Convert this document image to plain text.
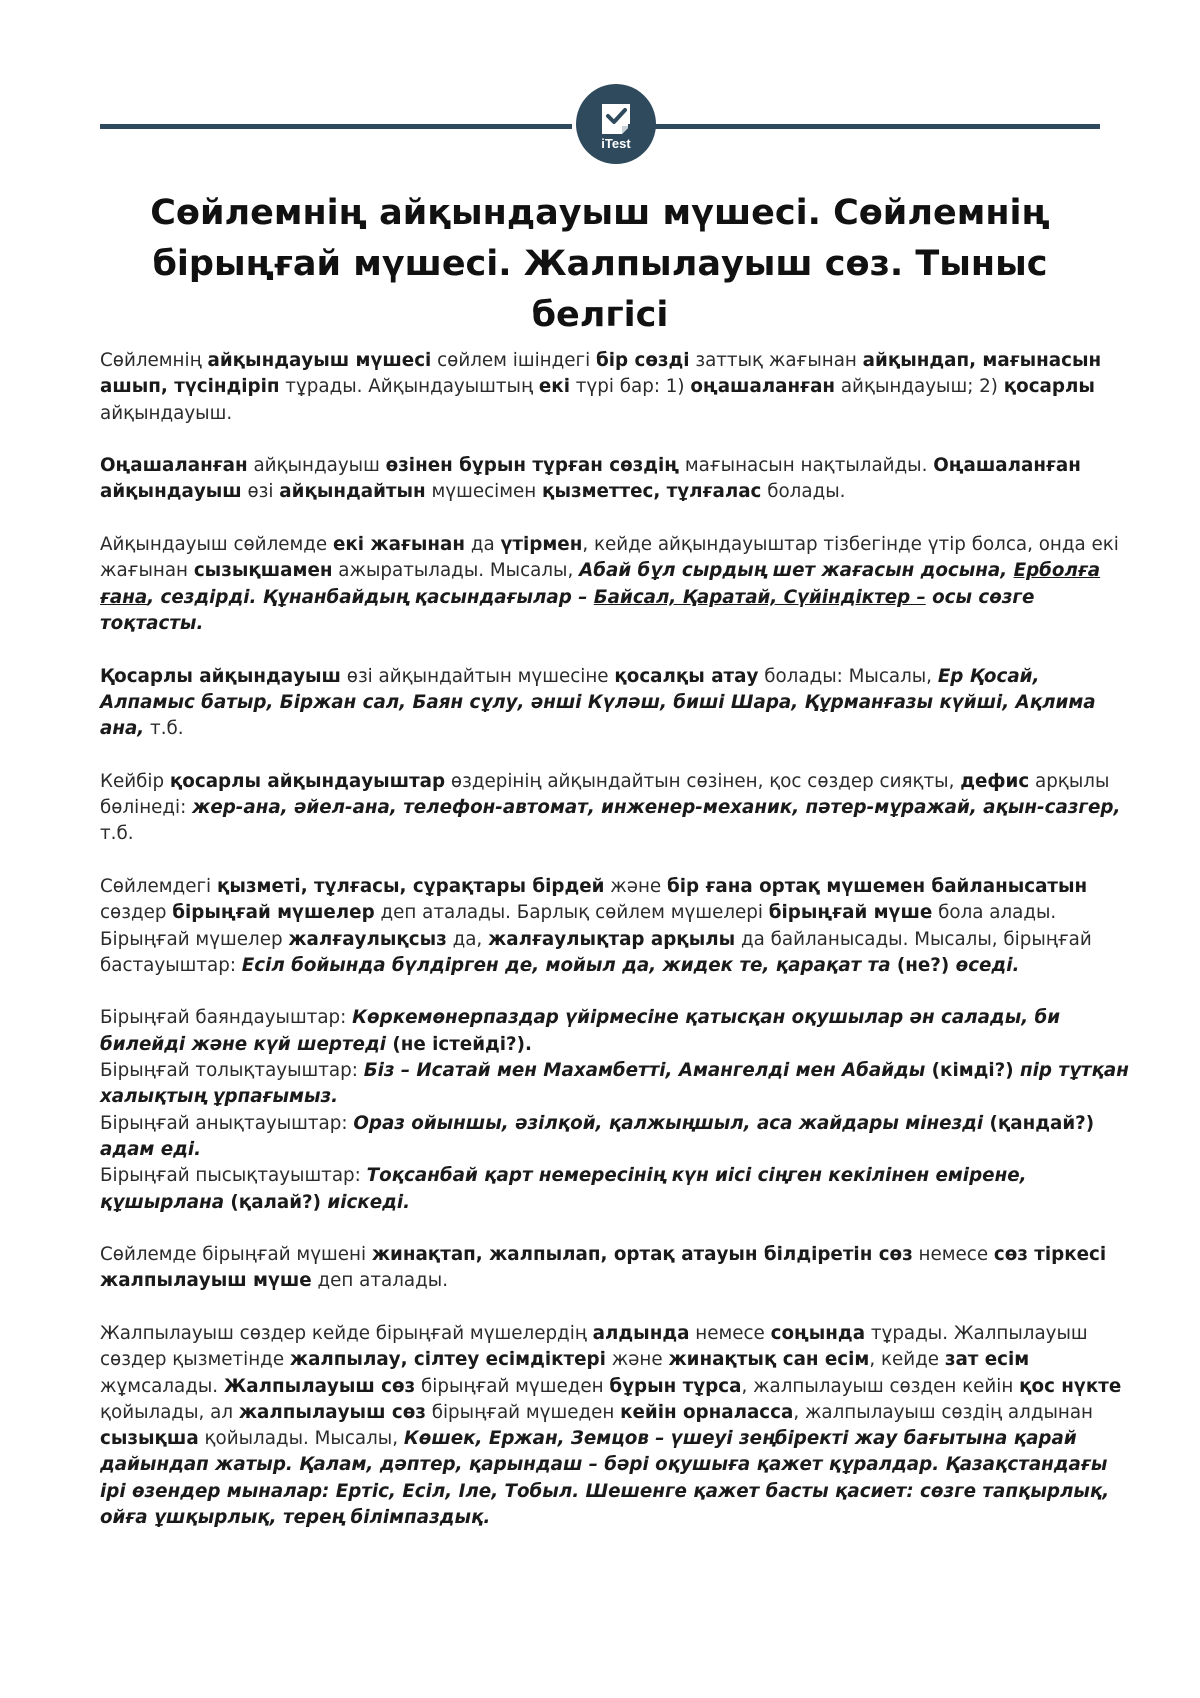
iTest
Сөйлемнің айқындауыш мүшесі. Сөйлемнің бірыңғай мүшесі. Жалпылауыш сөз. Тыныс белгісі

Сөйлемнің айқындауыш мүшесі сөйлем ішіндегі бір сөзді заттық жағынан айқындап, мағынасын ашып, түсіндіріп тұрады. Айқындауыштың екі түрі бар: 1) оңашаланған айқындауыш; 2) қосарлы айқындауыш.

Оңашаланған айқындауыш өзінен бұрын тұрған сөздің мағынасын нақтылайды. Оңашаланған айқындауыш өзі айқындайтын мүшесімен қызметтес, тұлғалас болады.

Айқындауыш сөйлемде екі жағынан да үтірмен, кейде айқындауыштар тізбегінде үтір болса, онда екі жағынан сызықшамен ажыратылады. Мысалы, Абай бұл сырдың шет жағасын досына, Ерболға ғана, сездірді. Құнанбайдың қасындағылар – Байсал, Қаратай, Сүйіндіктер – осы сөзге тоқтасты.

Қосарлы айқындауыш өзі айқындайтын мүшесіне қосалқы атау болады: Мысалы, Ер Қосай, Алпамыс батыр, Біржан сал, Баян сұлу, әнші Күләш, биші Шара, Құрманғазы күйші, Ақлима ана, т.б.

Кейбір қосарлы айқындауыштар өздерінің айқындайтын сөзінен, қос сөздер сияқты, дефис арқылы бөлінеді: жер-ана, әйел-ана, телефон-автомат, инженер-механик, пәтер-мұражай, ақын-сазгер, т.б.

Сөйлемдегі қызметі, тұлғасы, сұрақтары бірдей және бір ғана ортақ мүшемен байланысатын сөздер бірыңғай мүшелер деп аталады. Барлық сөйлем мүшелері бірыңғай мүше бола алады. Бірыңғай мүшелер жалғаулықсыз да, жалғаулықтар арқылы да байланысады. Мысалы, бірыңғай бастауыштар: Есіл бойында бүлдірген де, мойыл да, жидек те, қарақат та (не?) өседі.

Бірыңғай баяндауыштар: Көркемөнерпаздар үйірмесіне қатысқан оқушылар ән салады, би билейді және күй шертеді (не істейді?).
Бірыңғай толықтауыштар: Біз – Исатай мен Махамбетті, Амангелді мен Абайды (кімді?) пір тұтқан халықтың ұрпағымыз.
Бірыңғай анықтауыштар: Ораз ойыншы, әзілқой, қалжыңшыл, аса жайдары мінезді (қандай?) адам еді.
Бірыңғай пысықтауыштар: Тоқсанбай қарт немересінің күн иісі сіңген кекілінен емірене, құшырлана (қалай?) иіскеді.

Сөйлемде бірыңғай мүшені жинақтап, жалпылап, ортақ атауын білдіретін сөз немесе сөз тіркесі жалпылауыш мүше деп аталады.

Жалпылауыш сөздер кейде бірыңғай мүшелердің алдында немесе соңында тұрады. Жалпылауыш сөздер қызметінде жалпылау, сілтеу есімдіктері және жинақтық сан есім, кейде зат есім жұмсалады. Жалпылауыш сөз бірыңғай мүшеден бұрын тұрса, жалпылауыш сөзден кейін қос нүкте қойылады, ал жалпылауыш сөз бірыңғай мүшеден кейін орналасса, жалпылауыш сөздің алдынан сызықша қойылады. Мысалы, Көшек, Ержан, Земцов – үшеуі зеңбіректі жау бағытына қарай дайындап жатыр. Қалам, дәптер, қарындаш – бәрі оқушыға қажет құралдар. Қазақстандағы ірі өзендер мыналар: Ертіс, Есіл, Іле, Тобыл. Шешенге қажет басты қасиет: сөзге тапқырлық, ойға ұшқырлық, терең білімпаздық.
